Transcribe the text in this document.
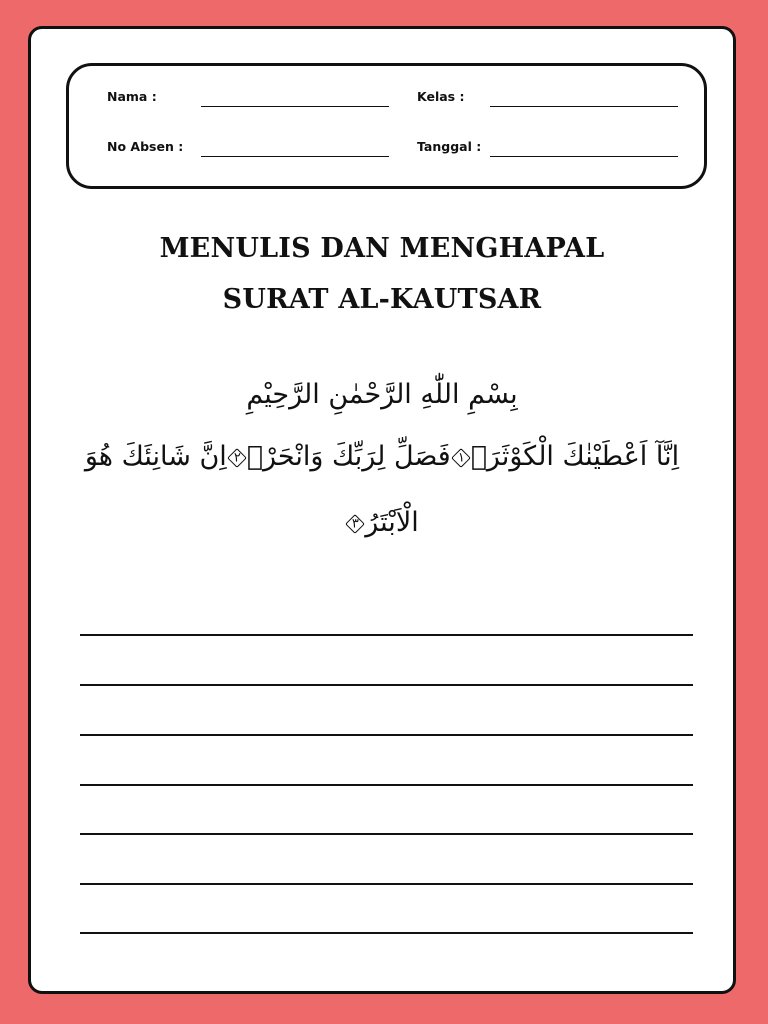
Nama :	Kelas :
No Absen :	Tanggal :
MENULIS DAN MENGHAPAL
SURAT AL-KAUTSAR
بِسْمِ اللّٰهِ الرَّحْمٰنِ الرَّحِيْمِ
اِنَّآ اَعْطَيْنٰكَ الْكَوْثَرَۗ١فَصَلِّ لِرَبِّكَ وَانْحَرْۗ٢اِنَّ شَانِئَكَ هُوَ
الْاَبْتَرُ٣
